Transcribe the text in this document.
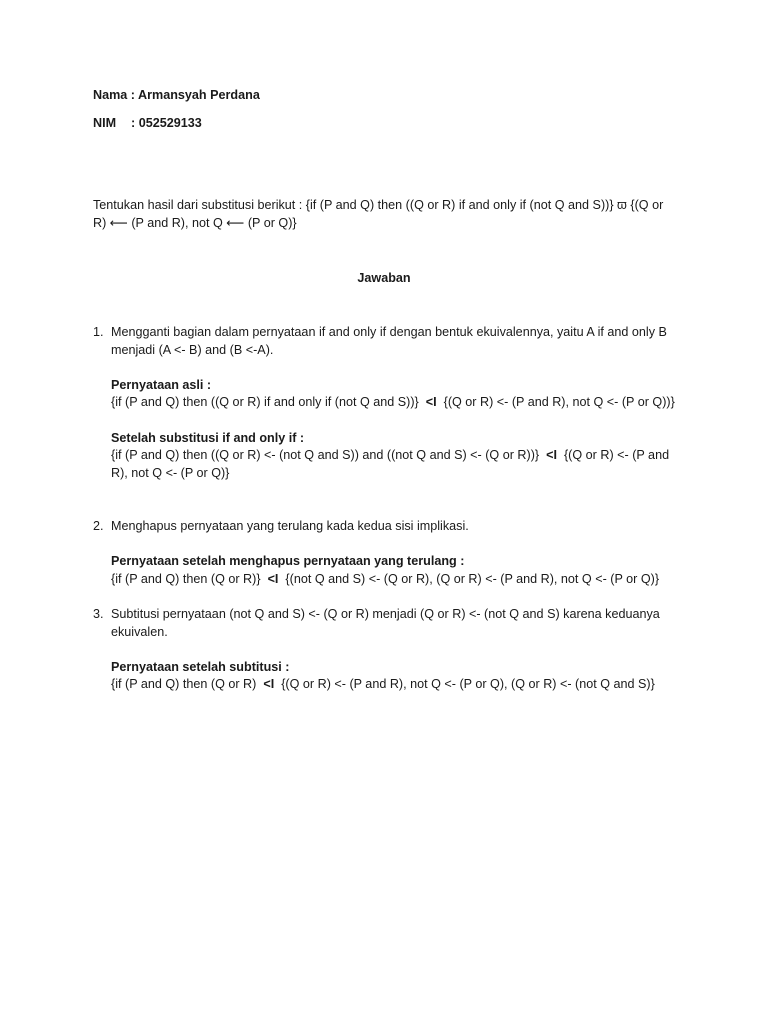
Nama : Armansyah Perdana
NIM : 052529133
Tentukan hasil dari substitusi berikut : {if (P and Q) then ((Q or R) if and only if (not Q and S))} ϖ {(Q or R) ⟵ (P and R), not Q ⟵ (P or Q)}
Jawaban
1. Mengganti bagian dalam pernyataan if and only if dengan bentuk ekuivalennya, yaitu A if and only B menjadi (A <- B) and (B <-A).
Pernyataan asli :
{if (P and Q) then ((Q or R) if and only if (not Q and S))} <I {(Q or R) <- (P and R), not Q <- (P or Q))}
Setelah substitusi if and only if :
{if (P and Q) then ((Q or R) <- (not Q and S)) and ((not Q and S) <- (Q or R))} <I {(Q or R) <- (P and R), not Q <- (P or Q)}
2. Menghapus pernyataan yang terulang kada kedua sisi implikasi.
Pernyataan setelah menghapus pernyataan yang terulang :
{if (P and Q) then (Q or R)} <I {(not Q and S) <- (Q or R), (Q or R) <- (P and R), not Q <- (P or Q)}
3. Subtitusi pernyataan (not Q and S) <- (Q or R) menjadi (Q or R) <- (not Q and S) karena keduanya ekuivalen.
Pernyataan setelah subtitusi :
{if (P and Q) then (Q or R) <I {(Q or R) <- (P and R), not Q <- (P or Q), (Q or R) <- (not Q and S)}
